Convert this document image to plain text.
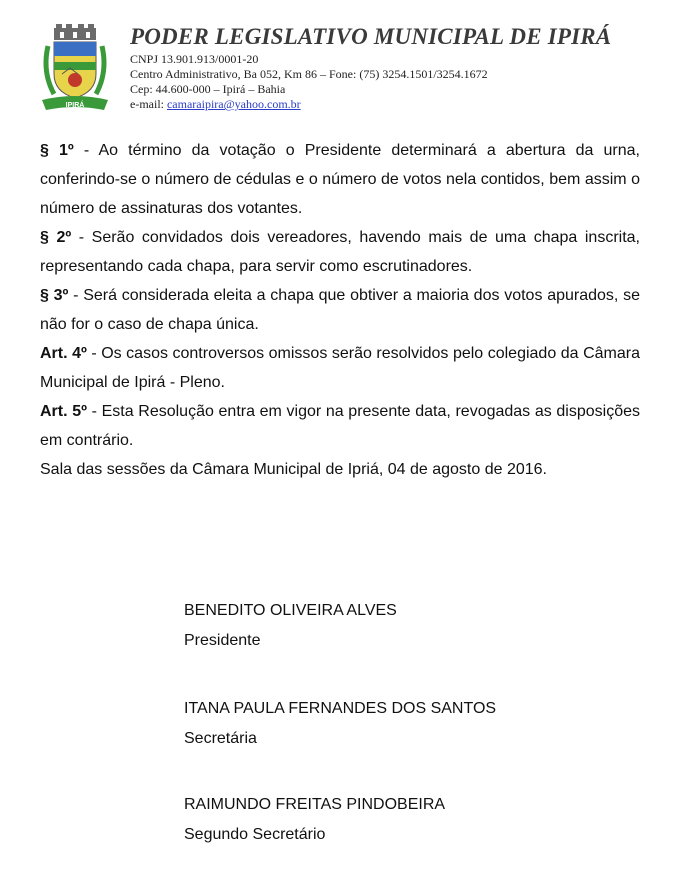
IPIRÁ
PODER LEGISLATIVO MUNICIPAL DE IPIRÁ
CNPJ 13.901.913/0001-20
Centro Administrativo, Ba 052, Km 86 – Fone: (75) 3254.1501/3254.1672
Cep: 44.600-000 – Ipirá – Bahia
e-mail: camaraipira@yahoo.com.br

§ 1º - Ao término da votação o Presidente determinará a abertura da urna, conferindo-se o número de cédulas e o número de votos nela contidos, bem assim o número de assinaturas dos votantes.

§ 2º - Serão convidados dois vereadores, havendo mais de uma chapa inscrita, representando cada chapa, para servir como escrutinadores.

§ 3º - Será considerada eleita a chapa que obtiver a maioria dos votos apurados, se não for o caso de chapa única.

Art. 4º - Os casos controversos omissos serão resolvidos pelo colegiado da Câmara Municipal de Ipirá - Pleno.

Art. 5º - Esta Resolução entra em vigor na presente data, revogadas as disposições em contrário.

Sala das sessões da Câmara Municipal de Ipriá, 04 de agosto de 2016.

BENEDITO OLIVEIRA ALVES
Presidente
ITANA PAULA FERNANDES DOS SANTOS
Secretária
RAIMUNDO FREITAS PINDOBEIRA
Segundo Secretário
